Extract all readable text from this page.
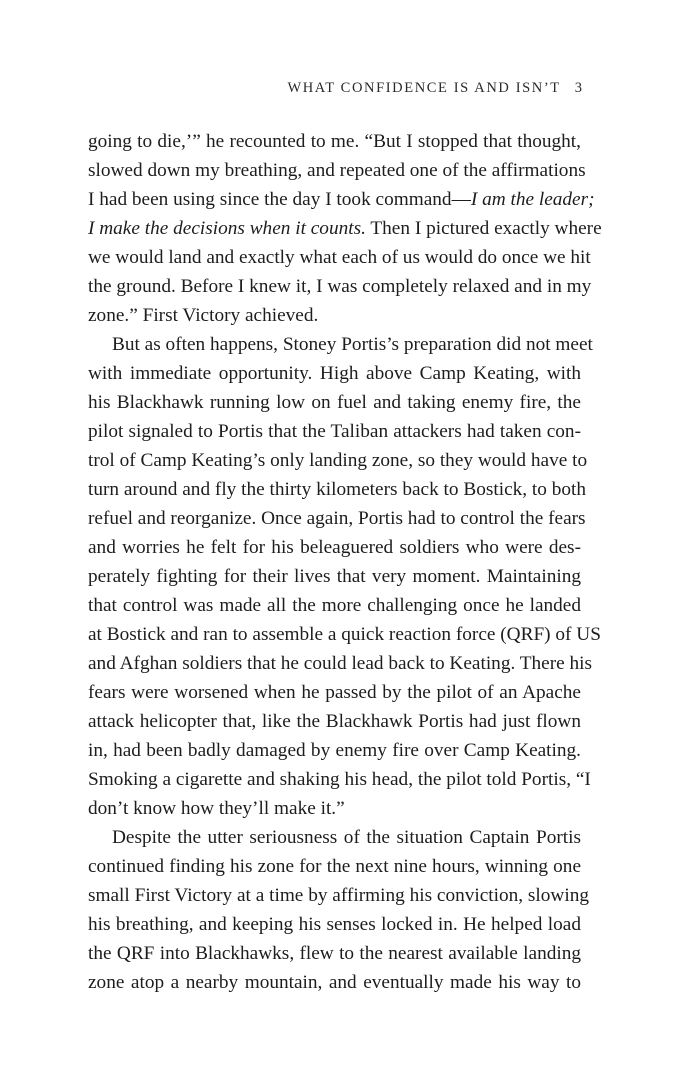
WHAT CONFIDENCE IS AND ISN’T 3
going to die,’” he recounted to me. “But I stopped that thought,
slowed down my breathing, and repeated one of the affirmations
I had been using since the day I took command—I am the leader;
I make the decisions when it counts. Then I pictured exactly where
we would land and exactly what each of us would do once we hit
the ground. Before I knew it, I was completely relaxed and in my
zone.” First Victory achieved.
But as often happens, Stoney Portis’s preparation did not meet
with immediate opportunity. High above Camp Keating, with
his Blackhawk running low on fuel and taking enemy fire, the
pilot signaled to Portis that the Taliban attackers had taken con-
trol of Camp Keating’s only landing zone, so they would have to
turn around and fly the thirty kilometers back to Bostick, to both
refuel and reorganize. Once again, Portis had to control the fears
and worries he felt for his beleaguered soldiers who were des-
perately fighting for their lives that very moment. Maintaining
that control was made all the more challenging once he landed
at Bostick and ran to assemble a quick reaction force (QRF) of US
and Afghan soldiers that he could lead back to Keating. There his
fears were worsened when he passed by the pilot of an Apache
attack helicopter that, like the Blackhawk Portis had just flown
in, had been badly damaged by enemy fire over Camp Keating.
Smoking a cigarette and shaking his head, the pilot told Portis, “I
don’t know how they’ll make it.”
Despite the utter seriousness of the situation Captain Portis
continued finding his zone for the next nine hours, winning one
small First Victory at a time by affirming his conviction, slowing
his breathing, and keeping his senses locked in. He helped load
the QRF into Blackhawks, flew to the nearest available landing
zone atop a nearby mountain, and eventually made his way to
